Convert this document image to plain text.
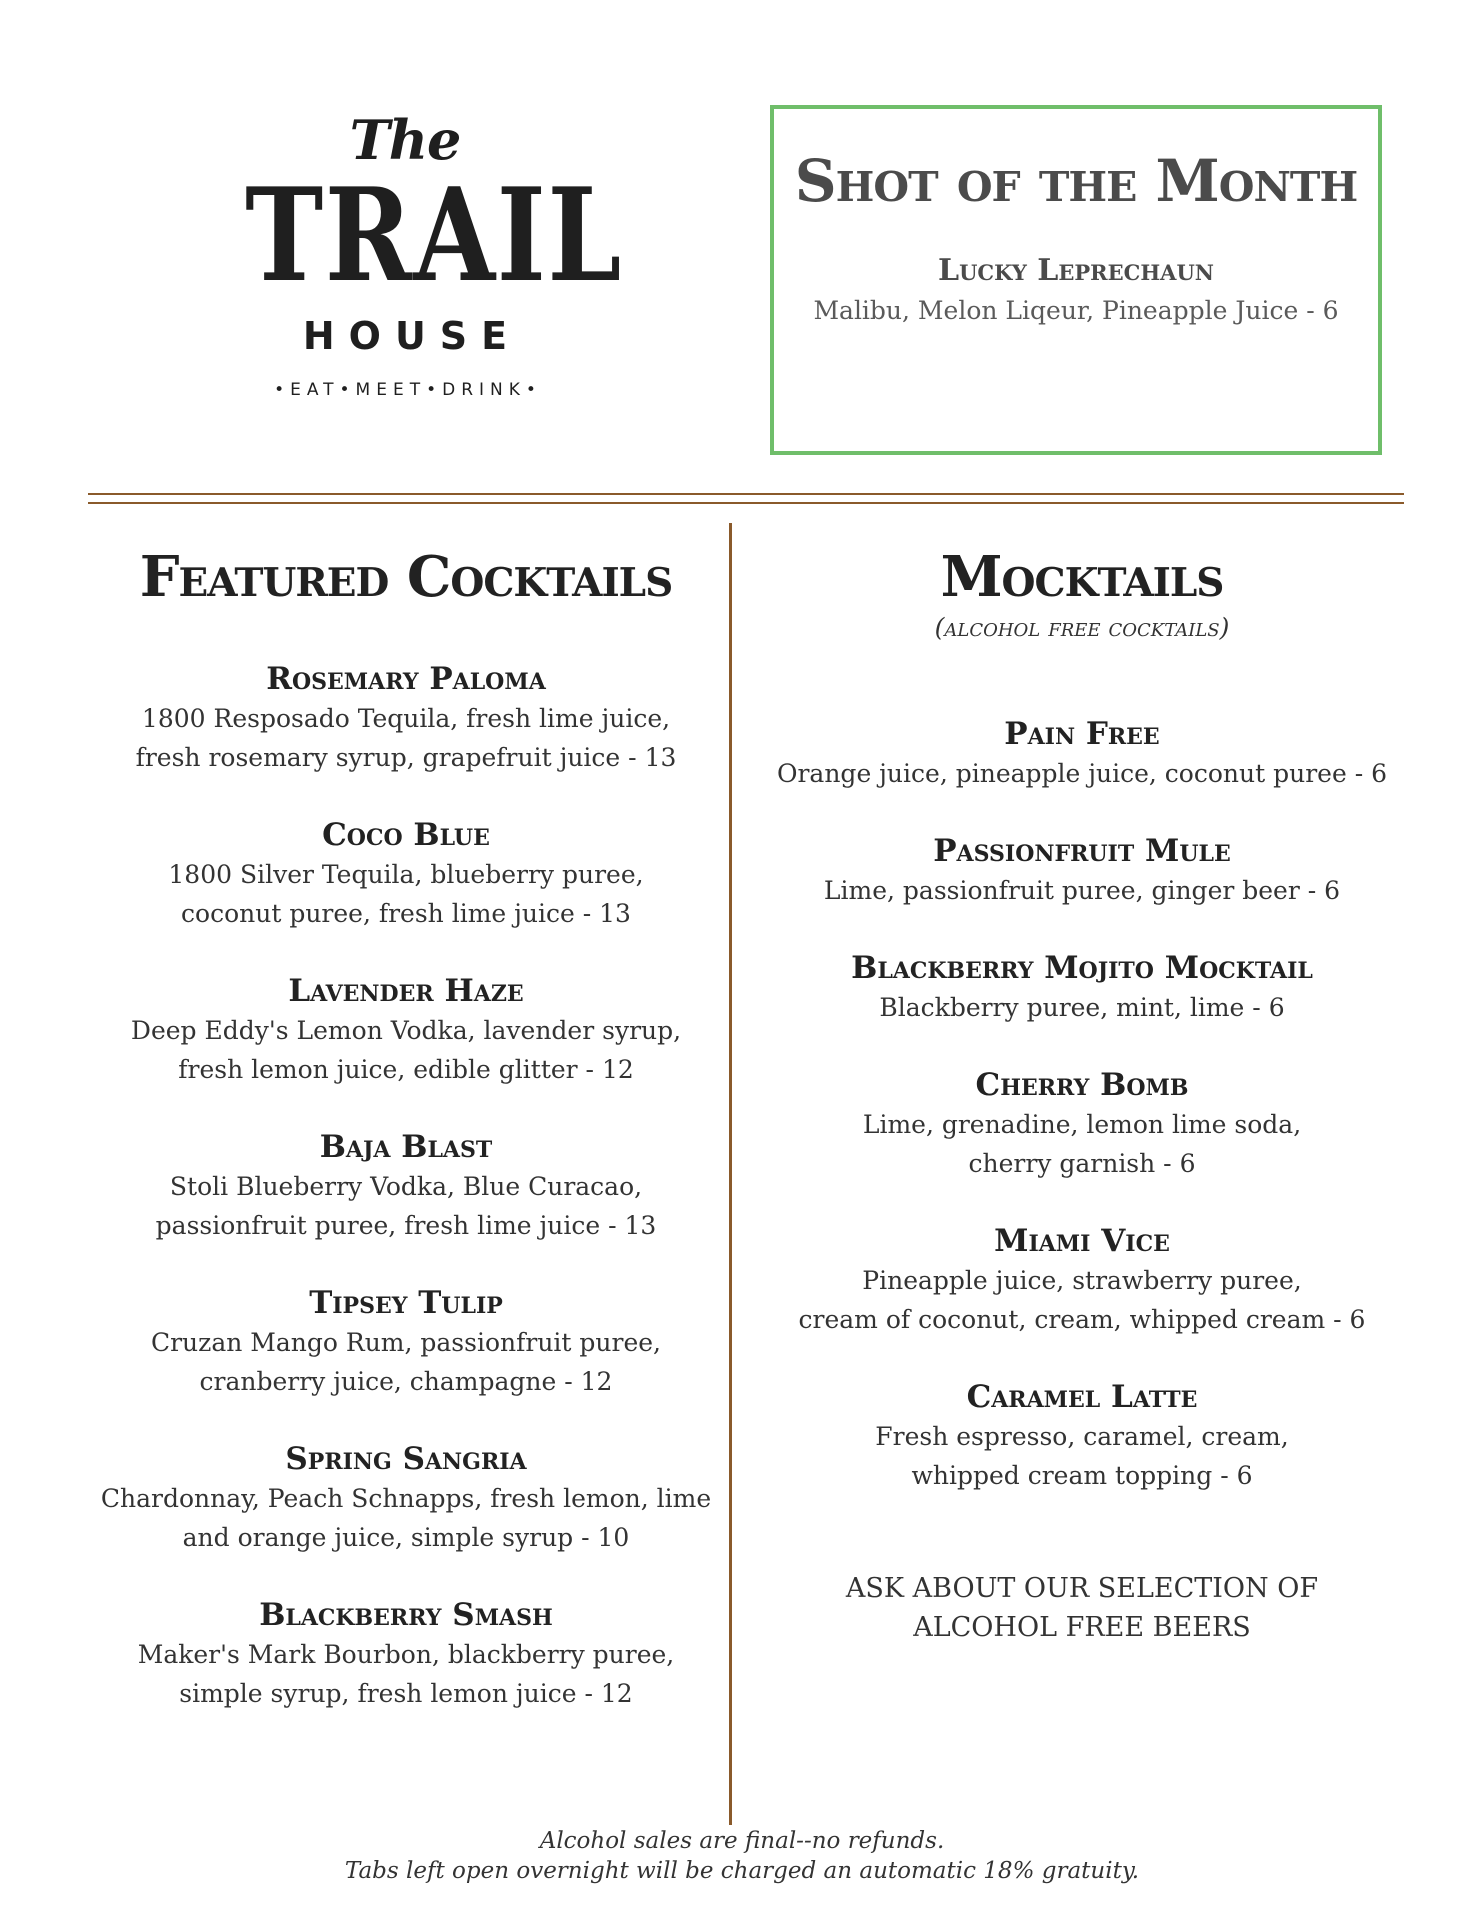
The
TRAIL
HOUSE
•EAT•MEET•DRINK•
Shot of the Month
Lucky Leprechaun
Malibu, Melon Liqeur, Pineapple Juice - 6
Featured Cocktails
Rosemary Paloma
1800 Resposado Tequila, fresh lime juice,
fresh rosemary syrup, grapefruit juice - 13
Coco Blue
1800 Silver Tequila, blueberry puree,
coconut puree, fresh lime juice - 13
Lavender Haze
Deep Eddy's Lemon Vodka, lavender syrup,
fresh lemon juice, edible glitter - 12
Baja Blast
Stoli Blueberry Vodka, Blue Curacao,
passionfruit puree, fresh lime juice - 13
Tipsey Tulip
Cruzan Mango Rum, passionfruit puree,
cranberry juice, champagne - 12
Spring Sangria
Chardonnay, Peach Schnapps, fresh lemon, lime
and orange juice, simple syrup - 10
Blackberry Smash
Maker's Mark Bourbon, blackberry puree,
simple syrup, fresh lemon juice - 12
Mocktails
(alcohol free cocktails)
Pain Free
Orange juice, pineapple juice, coconut puree - 6
Passionfruit Mule
Lime, passionfruit puree, ginger beer - 6
Blackberry Mojito Mocktail
Blackberry puree, mint, lime - 6
Cherry Bomb
Lime, grenadine, lemon lime soda,
cherry garnish - 6
Miami Vice
Pineapple juice, strawberry puree,
cream of coconut, cream, whipped cream - 6
Caramel Latte
Fresh espresso, caramel, cream,
whipped cream topping - 6
ASK ABOUT OUR SELECTION OF
ALCOHOL FREE BEERS
Alcohol sales are final--no refunds.
Tabs left open overnight will be charged an automatic 18% gratuity.
